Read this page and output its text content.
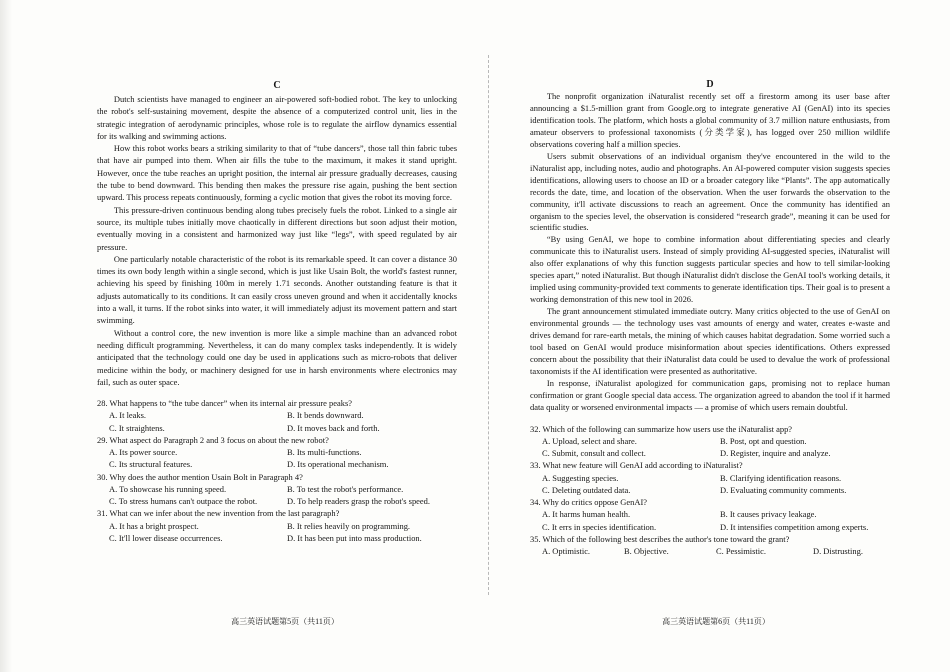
C

Dutch scientists have managed to engineer an air-powered soft-bodied robot. The key to unlocking the robot's self-sustaining movement, despite the absence of a computerized control unit, lies in the strategic integration of aerodynamic principles, whose role is to regulate the airflow dynamics essential for its walking and swimming actions.

How this robot works bears a striking similarity to that of “tube dancers”, those tall thin fabric tubes that have air pumped into them. When air fills the tube to the maximum, it makes it stand upright. However, once the tube reaches an upright position, the internal air pressure gradually decreases, causing the tube to bend downward. This bending then makes the pressure rise again, pushing the bent section upward. This process repeats continuously, forming a cyclic motion that gives the robot its moving force.

This pressure-driven continuous bending along tubes precisely fuels the robot. Linked to a single air source, its multiple tubes initially move chaotically in different directions but soon adjust their motion, eventually moving in a consistent and harmonized way just like “legs”, with speed regulated by air pressure.

One particularly notable characteristic of the robot is its remarkable speed. It can cover a distance 30 times its own body length within a single second, which is just like Usain Bolt, the world's fastest runner, achieving his speed by finishing 100m in merely 1.71 seconds. Another outstanding feature is that it adjusts automatically to its conditions. It can easily cross uneven ground and when it accidentally knocks into a wall, it turns. If the robot sinks into water, it will immediately adjust its movement pattern and start swimming.

Without a control core, the new invention is more like a simple machine than an advanced robot needing difficult programming. Nevertheless, it can do many complex tasks independently. It is widely anticipated that the technology could one day be used in applications such as micro-robots that deliver medicine within the body, or machinery designed for use in harsh environments where electronics may fail, such as outer space.

28. What happens to “the tube dancer” when its internal air pressure peaks?

A. It leaks.	B. It bends downward.
C. It straightens.	D. It moves back and forth.

29. What aspect do Paragraph 2 and 3 focus on about the new robot?

A. Its power source.	B. Its multi-functions.
C. Its structural features.	D. Its operational mechanism.

30. Why does the author mention Usain Bolt in Paragraph 4?

A. To showcase his running speed.	B. To test the robot's performance.
C. To stress humans can't outpace the robot.	D. To help readers grasp the robot's speed.

31. What can we infer about the new invention from the last paragraph?

A. It has a bright prospect.	B. It relies heavily on programming.
C. It'll lower disease occurrences.	D. It has been put into mass production.
D

The nonprofit organization iNaturalist recently set off a firestorm among its user base after announcing a $1.5-million grant from Google.org to integrate generative AI (GenAI) into its species identification tools. The platform, which hosts a global community of 3.7 million nature enthusiasts, from amateur observers to professional taxonomists (分类学家), has logged over 250 million wildlife observations covering half a million species.

Users submit observations of an individual organism they've encountered in the wild to the iNaturalist app, including notes, audio and photographs. An AI-powered computer vision suggests species identifications, allowing users to choose an ID or a broader category like “Plants”. The app automatically records the date, time, and location of the observation. When the user forwards the observation to the community, it'll activate discussions to reach an agreement. Once the community has identified an organism to the species level, the observation is considered “research grade”, meaning it can be used for scientific studies.

“By using GenAI, we hope to combine information about differentiating species and clearly communicate this to iNaturalist users. Instead of simply providing AI-suggested species, iNaturalist will also offer explanations of why this function suggests particular species and how to tell similar-looking species apart,” noted iNaturalist. But though iNaturalist didn't disclose the GenAI tool's working details, it implied using community-provided text comments to generate identification tips. Their goal is to present a working demonstration of this new tool in 2026.

The grant announcement stimulated immediate outcry. Many critics objected to the use of GenAI on environmental grounds — the technology uses vast amounts of energy and water, creates e-waste and drives demand for rare-earth metals, the mining of which causes habitat degradation. Some worried such a tool based on GenAI would produce misinformation about species identifications. Others expressed concern about the possibility that their iNaturalist data could be used to devalue the work of professional taxonomists if the AI identification were presented as authoritative.

In response, iNaturalist apologized for communication gaps, promising not to replace human confirmation or grant Google special data access. The organization agreed to abandon the tool if it harmed data quality or worsened environmental impacts — a promise of which users remain doubtful.

32. Which of the following can summarize how users use the iNaturalist app?

A. Upload, select and share.	B. Post, opt and question.
C. Submit, consult and collect.	D. Register, inquire and analyze.

33. What new feature will GenAI add according to iNaturalist?

A. Suggesting species.	B. Clarifying identification reasons.
C. Deleting outdated data.	D. Evaluating community comments.

34. Why do critics oppose GenAI?

A. It harms human health.	B. It causes privacy leakage.
C. It errs in species identification.	D. It intensifies competition among experts.

35. Which of the following best describes the author's tone toward the grant?

A. Optimistic.	B. Objective.	C. Pessimistic.	D. Distrusting.
高三英语试题第5页（共11页）	高三英语试题第6页（共11页）
